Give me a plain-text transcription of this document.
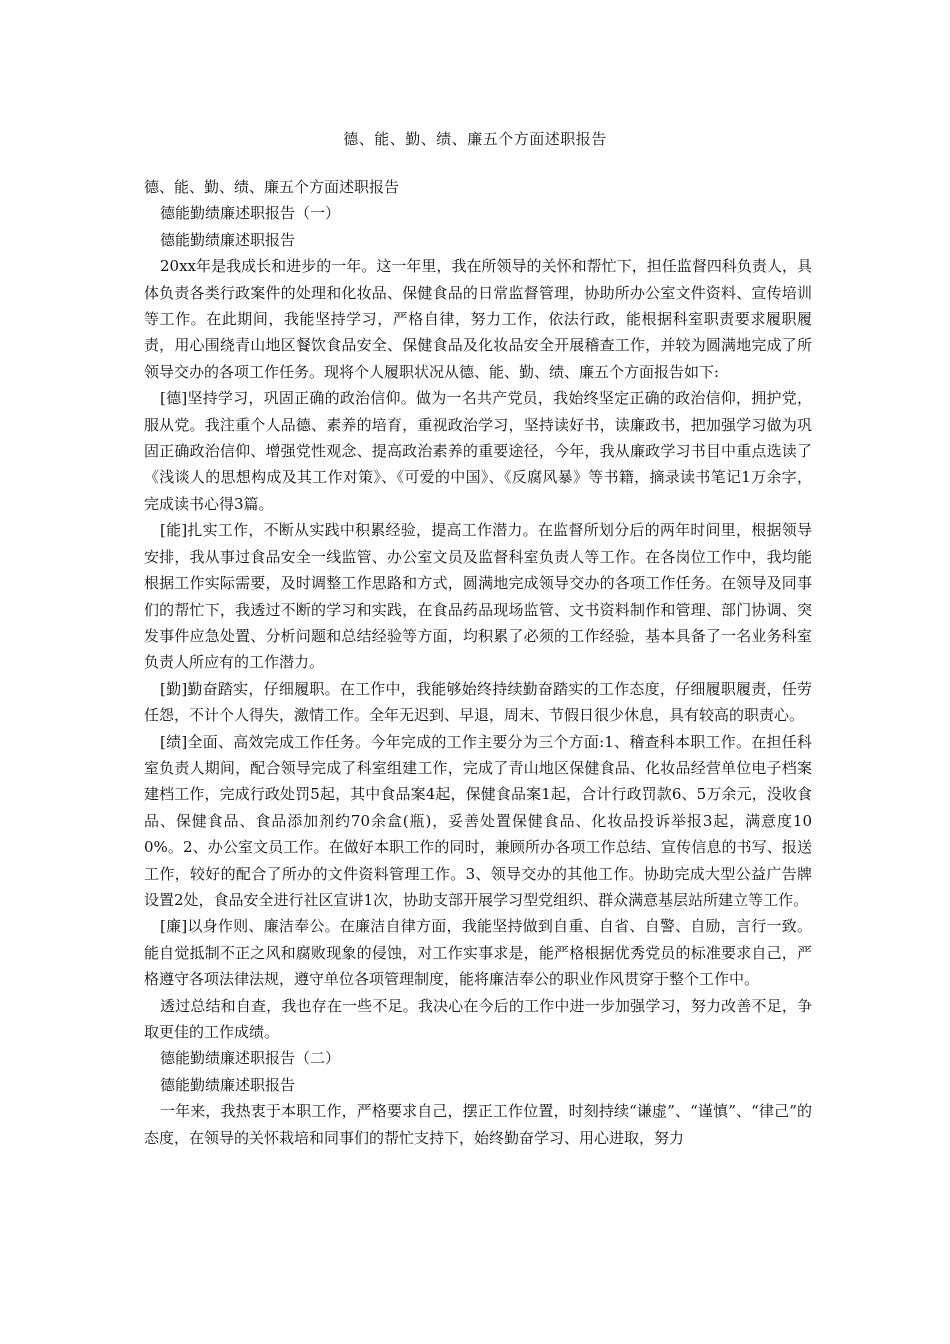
德、能、勤、绩、廉五个方面述职报告

德、能、勤、绩、廉五个方面述职报告

德能勤绩廉述职报告（一）

德能勤绩廉述职报告

20xx年是我成长和进步的一年。这一年里，我在所领导的关怀和帮忙下，担任监督四科负责人，具体负责各类行政案件的处理和化妆品、保健食品的日常监督管理，协助所办公室文件资料、宣传培训等工作。在此期间，我能坚持学习，严格自律，努力工作，依法行政，能根据科室职责要求履职履责，用心围绕青山地区餐饮食品安全、保健食品及化妆品安全开展稽查工作，并较为圆满地完成了所领导交办的各项工作任务。现将个人履职状况从德、能、勤、绩、廉五个方面报告如下:

[德]坚持学习，巩固正确的政治信仰。做为一名共产党员，我始终坚定正确的政治信仰，拥护党，服从党。我注重个人品德、素养的培育，重视政治学习，坚持读好书，读廉政书，把加强学习做为巩固正确政治信仰、增强党性观念、提高政治素养的重要途径，今年，我从廉政学习书目中重点选读了《浅谈人的思想构成及其工作对策》、《可爱的中国》、《反腐风暴》等书籍，摘录读书笔记1万余字，完成读书心得3篇。

[能]扎实工作，不断从实践中积累经验，提高工作潜力。在监督所划分后的两年时间里，根据领导安排，我从事过食品安全一线监管、办公室文员及监督科室负责人等工作。在各岗位工作中，我均能根据工作实际需要，及时调整工作思路和方式，圆满地完成领导交办的各项工作任务。在领导及同事们的帮忙下，我透过不断的学习和实践，在食品药品现场监管、文书资料制作和管理、部门协调、突发事件应急处置、分析问题和总结经验等方面，均积累了必须的工作经验，基本具备了一名业务科室负责人所应有的工作潜力。

[勤]勤奋踏实，仔细履职。在工作中，我能够始终持续勤奋踏实的工作态度，仔细履职履责，任劳任怨，不计个人得失，激情工作。全年无迟到、早退，周末、节假日很少休息，具有较高的职责心。

[绩]全面、高效完成工作任务。今年完成的工作主要分为三个方面:1、稽查科本职工作。在担任科室负责人期间，配合领导完成了科室组建工作，完成了青山地区保健食品、化妆品经营单位电子档案建档工作，完成行政处罚5起，其中食品案4起，保健食品案1起，合计行政罚款6、5万余元，没收食品、保健食品、食品添加剂约70余盒(瓶)，妥善处置保健食品、化妆品投诉举报3起，满意度100%。2、办公室文员工作。在做好本职工作的同时，兼顾所办各项工作总结、宣传信息的书写、报送工作，较好的配合了所办的文件资料管理工作。3、领导交办的其他工作。协助完成大型公益广告牌设置2处，食品安全进行社区宣讲1次，协助支部开展学习型党组织、群众满意基层站所建立等工作。

[廉]以身作则、廉洁奉公。在廉洁自律方面，我能坚持做到自重、自省、自警、自励，言行一致。能自觉抵制不正之风和腐败现象的侵蚀，对工作实事求是，能严格根据优秀党员的标准要求自己，严格遵守各项法律法规，遵守单位各项管理制度，能将廉洁奉公的职业作风贯穿于整个工作中。

透过总结和自查，我也存在一些不足。我决心在今后的工作中进一步加强学习，努力改善不足，争取更佳的工作成绩。

德能勤绩廉述职报告（二）

德能勤绩廉述职报告

一年来，我热衷于本职工作，严格要求自己，摆正工作位置，时刻持续“谦虚”、“谨慎”、“律己”的态度，在领导的关怀栽培和同事们的帮忙支持下，始终勤奋学习、用心进取，努力
